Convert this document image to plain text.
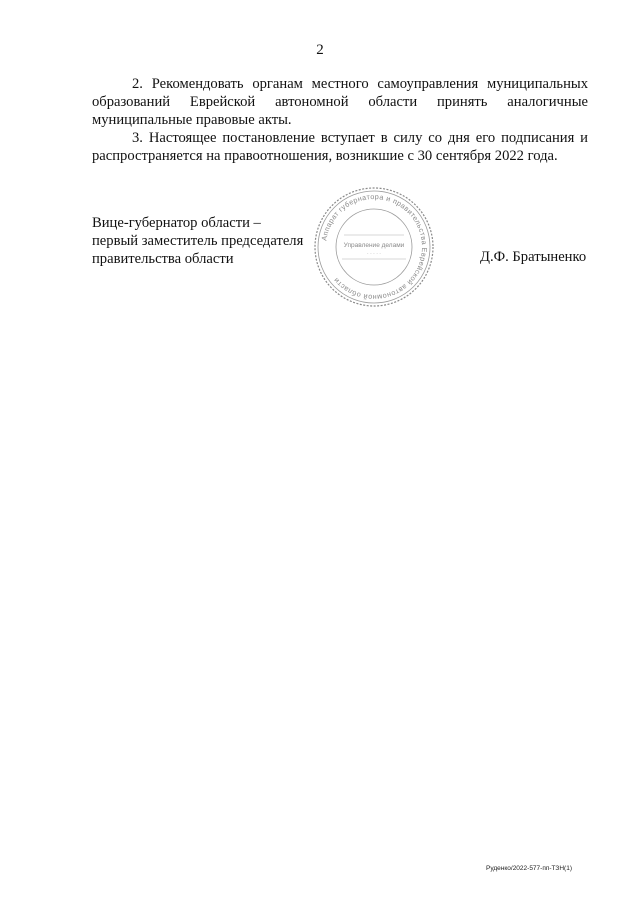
2

2. Рекомендовать органам местного самоуправления муниципальных образований Еврейской автономной области принять аналогичные муниципальные правовые акты.

3. Настоящее постановление вступает в силу со дня его подписания и распространяется на правоотношения, возникшие с 30 сентября 2022 года.

Вице-губернатор области –
первый заместитель председателя
правительства области
Аппарат губернатора и правительства Еврейской автономной области
Управление делами
· · · · ·	Д.Ф. Братыненко
Руденко/2022-577-пп-ТЗН(1)
